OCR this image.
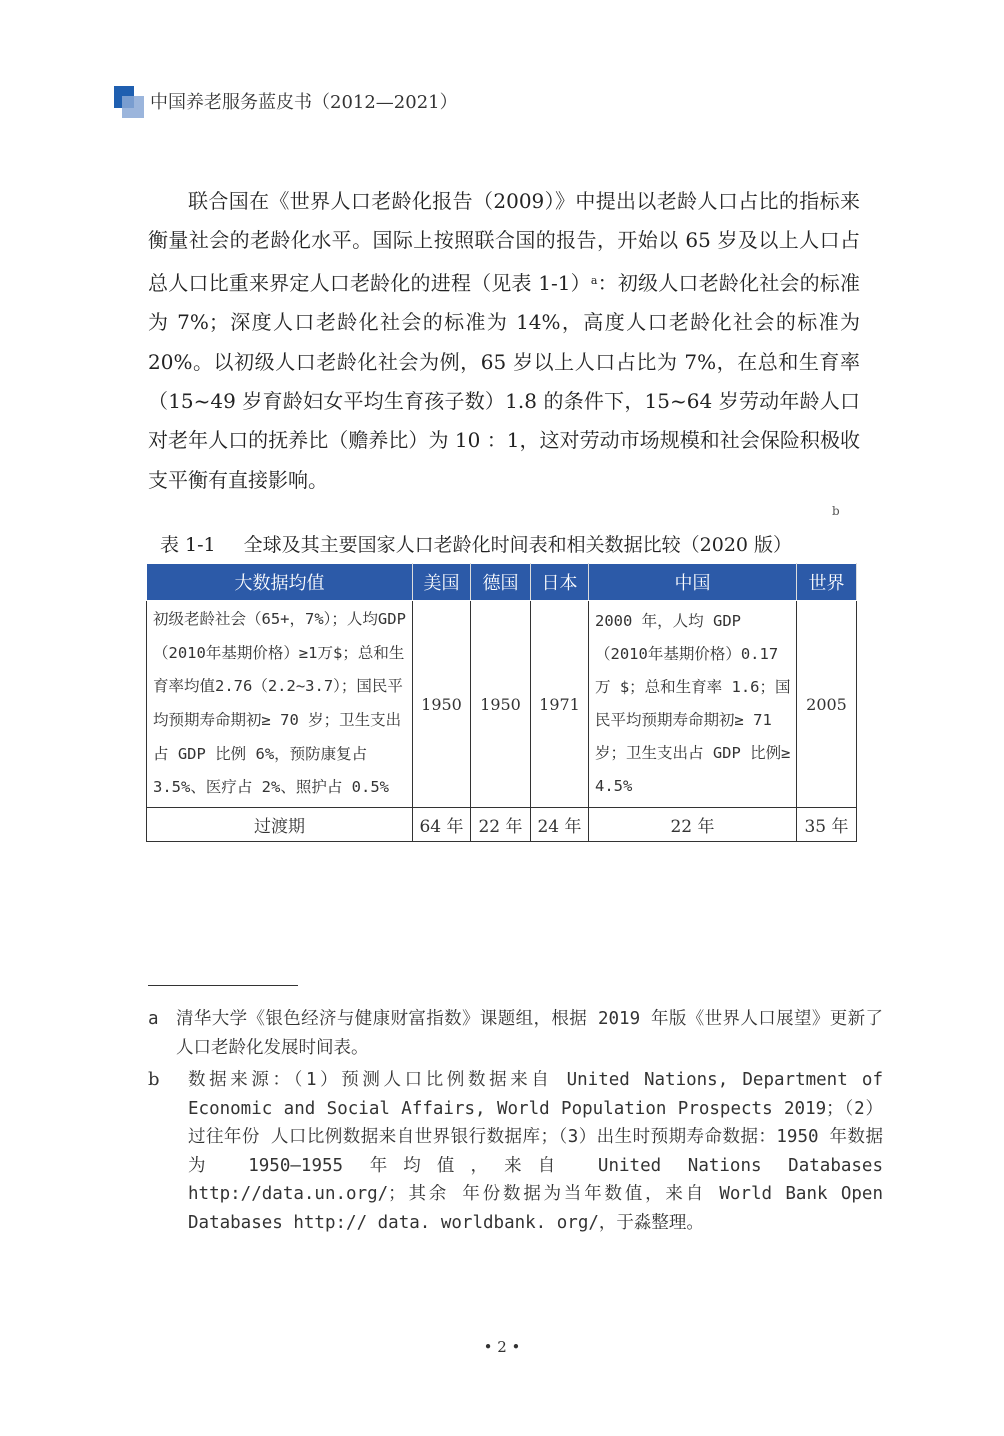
中国养老服务蓝皮书（2012—2021）

联合国在《世界人口老龄化报告（2009）》中提出以老龄人口占比的指标来衡量社会的老龄化水平。国际上按照联合国的报告，开始以 65 岁及以上人口占总人口比重来界定人口老龄化的进程（见表 1-1）$^a$：初级人口老龄化社会的标准为 7%；深度人口老龄化社会的标准为 14%，高度人口老龄化社会的标准为 20%。以初级人口老龄化社会为例，65 岁以上人口占比为 7%，在总和生育率（15~49 岁育龄妇女平均生育孩子数）1.8 的条件下，15~64 岁劳动年龄人口对老年人口的抚养比（赡养比）为 10 ：1，这对劳动市场规模和社会保险积极收支平衡有直接影响。

b
表 1-1 全球及其主要国家人口老龄化时间表和相关数据比较（2020 版）
大数据均值	美国	德国	日本	中国	世界
初级老龄社会（65+，7%）；人均GDP（2010年基期价格）≥1万$；总和生育率均值2.76（2.2~3.7）；国民平均预期寿命期初≥ 70 岁；卫生支出占 GDP 比例 6%，预防康复占3.5%、医疗占 2%、照护占 0.5%	1950	1950	1971	2000 年，人均 GDP（2010年基期价格）0.17 万 $；总和生育率 1.6；国民平均预期寿命期初≥ 71 岁；卫生支出占 GDP 比例≥ 4.5%	2005
过渡期	64 年	22 年	24 年	22 年	35 年
a 清华大学《银色经济与健康财富指数》课题组，根据 2019 年版《世界人口展望》更新了人口老龄化发展时间表。
b 数据来源：（1）预测人口比例数据来自 United Nations, Department of Economic and Social Affairs, World Population Prospects 2019；（2）过往年份 人口比例数据来自世界银行数据库；（3）出生时预期寿命数据：1950 年数据 为 1950—1955 年均值，来自 United Nations Databases http://data.un.org/；其余 年份数据为当年数值，来自 World Bank Open Databases http:// data. worldbank. org/，于淼整理。
• 2 •
